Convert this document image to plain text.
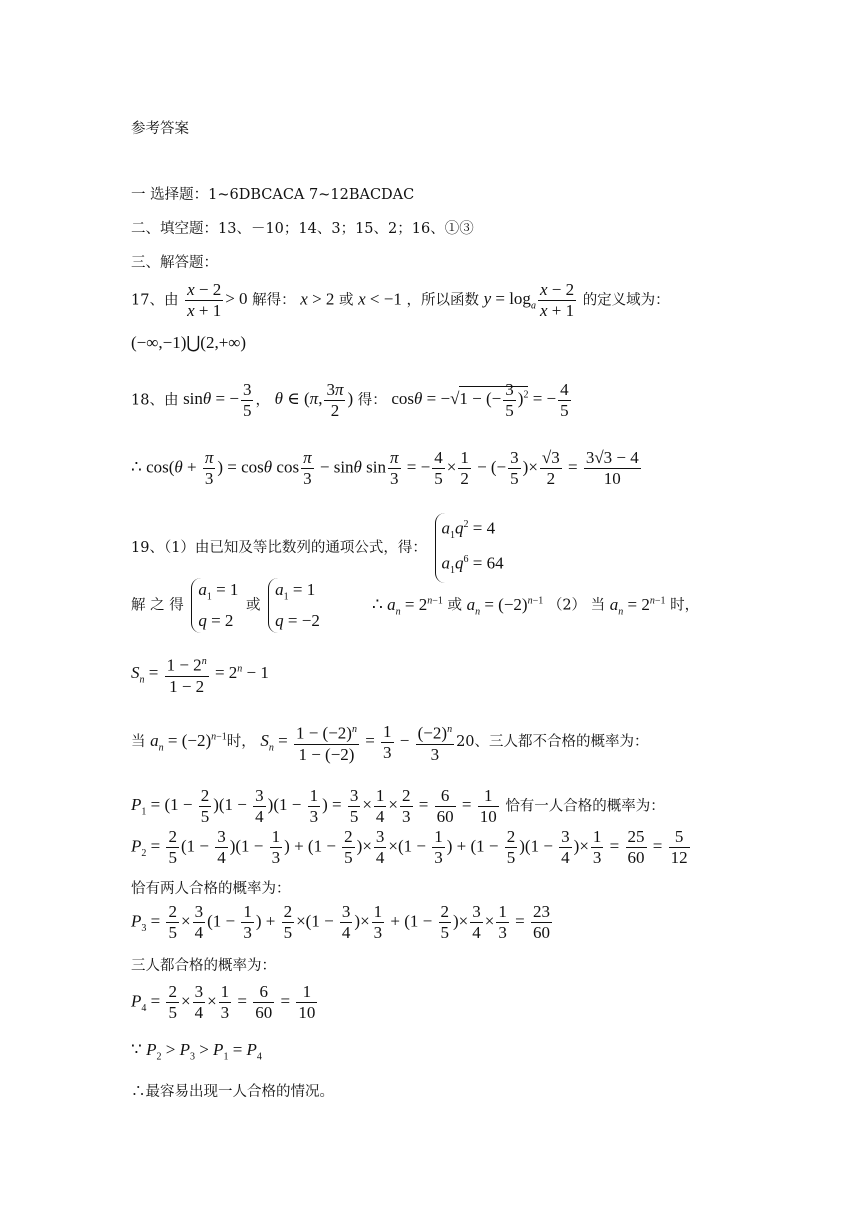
参考答案
一 选择题：1~6DBCACA 7~12BACDAC
二、填空题：13、－10；14、3；15、2；16、①③
三、解答题：
17、由 $\frac{x - 2}{x + 1} > 0$ 解得： x > 2 或 x < −1 ，所以函数 $y = \log_a \frac{x - 2}{x + 1}$ 的定义域为：
(−∞,−1)⋃(2,+∞)
18、由 sinθ = − $\frac{3}{5}$ ， θ ∈ (π, $\frac{3\pi}{2}$ ) 得： cosθ = −√1 − (− $\frac{3}{5} )^2$ = − $\frac{4}{5}$
∴ $\cos(\theta + \frac{\pi}{3}$ ) = cosθ $\cos \frac{\pi}{3} - \sin\theta$ $\sin \frac{\pi}{3}$ = − $\frac{4}{5} \times \frac{1}{2}$ − (− $\frac{3}{5}$ )× $\frac{√3}{2} = \frac{3√3 - 4}{10}$
19、（1）由已知及等比数列的通项公式，得：
$a_1q^2 = 4$
$a_1q^6 = 64$
解 之 得
$a_1 = 1$
q = 2
或
$a_1 = 1$
q = −2
∴ $a_n = 2^{n-1}$ 或 $a_n = (-2)^{n-1}$ （2） 当 $a_n = 2^{n-1}$ 时，
$S_n = \frac{1 - 2^n}{1 - 2} = 2^n - 1$
当 $a_n = (-2)^{n-1}$时， $S_n = \frac{1 - (-2)^n}{1 - (-2)} = \frac{1}{3} - \frac{(-2)^n}{3} 20$、三人都不合格的概率为：
$P_1 = (1 - \frac{2}{5} )(1 - \frac{3}{4} )(1 - \frac{1}{3}$ ) = $\frac{3}{5} \times \frac{1}{4} \times \frac{2}{3} = \frac{6}{60} = \frac{1}{10}$ 恰有一人合格的概率为：
$P_2 = \frac{2}{5} (1 - \frac{3}{4} )(1 - \frac{1}{3}$ ) + ($1 - \frac{2}{5}$ )× $\frac{3}{4} \times(1 - \frac{1}{3}$ ) + $(1 - \frac{2}{5} )(1 - \frac{3}{4}$ )× $\frac{1}{3} = \frac{25}{60} = \frac{5}{12}$
恰有两人合格的概率为：
$P_3 = \frac{2}{5} \times \frac{3}{4} (1 - \frac{1}{3}$ ) + $\frac{2}{5} \times(1 - \frac{3}{4}$ )× $\frac{1}{3} + (1 - \frac{2}{5}$ )× $\frac{3}{4} \times \frac{1}{3} = \frac{23}{60}$
三人都合格的概率为：
$P_4 = \frac{2}{5} \times \frac{3}{4} \times \frac{1}{3} = \frac{6}{60} = \frac{1}{10}$
∵ $P_2 > P_3 > P_1 = P_4$
∴最容易出现一人合格的情况。
